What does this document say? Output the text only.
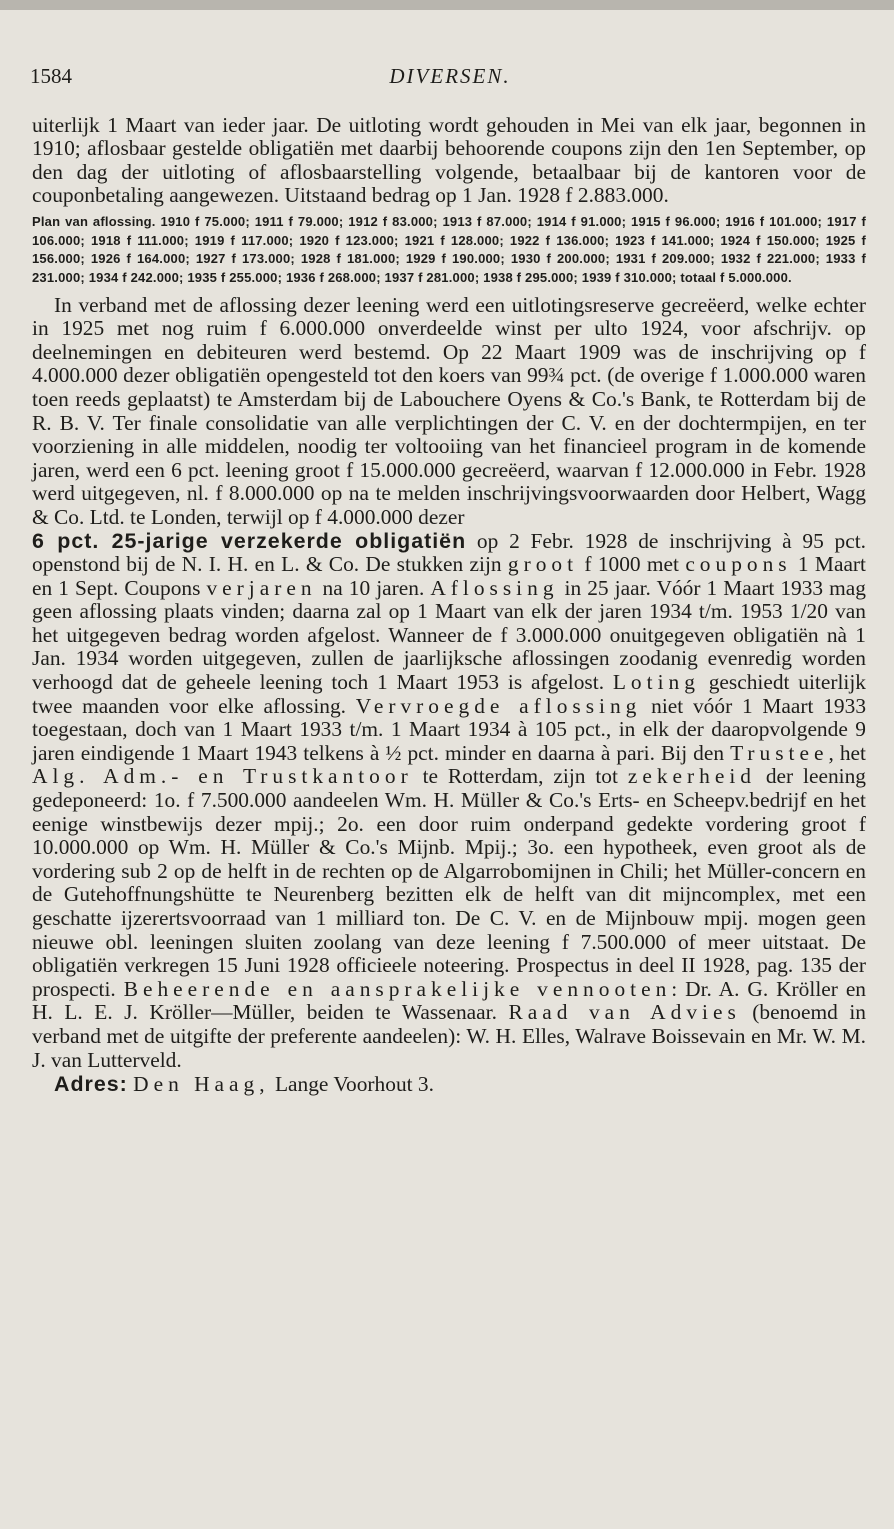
1584	DIVERSEN.

uiterlijk 1 Maart van ieder jaar. De uitloting wordt gehouden in Mei van elk jaar, begonnen in 1910; aflosbaar gestelde obligatiën met daarbij behoorende coupons zijn den 1en September, op den dag der uitloting of aflosbaarstelling volgende, betaalbaar bij de kantoren voor de couponbetaling aangewezen. Uitstaand bedrag op 1 Jan. 1928 f 2.883.000.

Plan van aflossing. 1910 f 75.000; 1911 f 79.000; 1912 f 83.000; 1913 f 87.000; 1914 f 91.000; 1915 f 96.000; 1916 f 101.000; 1917 f 106.000; 1918 f 111.000; 1919 f 117.000; 1920 f 123.000; 1921 f 128.000; 1922 f 136.000; 1923 f 141.000; 1924 f 150.000; 1925 f 156.000; 1926 f 164.000; 1927 f 173.000; 1928 f 181.000; 1929 f 190.000; 1930 f 200.000; 1931 f 209.000; 1932 f 221.000; 1933 f 231.000; 1934 f 242.000; 1935 f 255.000; 1936 f 268.000; 1937 f 281.000; 1938 f 295.000; 1939 f 310.000; totaal f 5.000.000.

In verband met de aflossing dezer leening werd een uitlotingsreserve gecreëerd, welke echter in 1925 met nog ruim f 6.000.000 onverdeelde winst per ulto 1924, voor afschrijv. op deelnemingen en debiteuren werd bestemd. Op 22 Maart 1909 was de inschrijving op f 4.000.000 dezer obligatiën opengesteld tot den koers van 99¾ pct. (de overige f 1.000.000 waren toen reeds geplaatst) te Amsterdam bij de Labouchere Oyens & Co.'s Bank, te Rotterdam bij de R. B. V. Ter finale consolidatie van alle verplichtingen der C. V. en der dochtermpijen, en ter voorziening in alle middelen, noodig ter voltooiing van het financieel program in de komende jaren, werd een 6 pct. leening groot f 15.000.000 gecreëerd, waarvan f 12.000.000 in Febr. 1928 werd uitgegeven, nl. f 8.000.000 op na te melden inschrijvingsvoorwaarden door Helbert, Wagg & Co. Ltd. te Londen, terwijl op f 4.000.000 dezer

6 pct. 25-jarige verzekerde obligatiën op 2 Febr. 1928 de inschrijving à 95 pct. openstond bij de N. I. H. en L. & Co. De stukken zijn groot f 1000 met coupons 1 Maart en 1 Sept. Coupons verjaren na 10 jaren. Aflossing in 25 jaar. Vóór 1 Maart 1933 mag geen aflossing plaats vinden; daarna zal op 1 Maart van elk der jaren 1934 t/m. 1953 1/20 van het uitgegeven bedrag worden afgelost. Wanneer de f 3.000.000 onuitgegeven obligatiën nà 1 Jan. 1934 worden uitgegeven, zullen de jaarlijksche aflossingen zoodanig evenredig worden verhoogd dat de geheele leening toch 1 Maart 1953 is afgelost. Loting geschiedt uiterlijk twee maanden voor elke aflossing. Vervroegde aflossing niet vóór 1 Maart 1933 toegestaan, doch van 1 Maart 1933 t/m. 1 Maart 1934 à 105 pct., in elk der daaropvolgende 9 jaren eindigende 1 Maart 1943 telkens à ½ pct. minder en daarna à pari. Bij den Trustee, het Alg. Adm.- en Trustkantoor te Rotterdam, zijn tot zekerheid der leening gedeponeerd: 1o. f 7.500.000 aandeelen Wm. H. Müller & Co.'s Erts- en Scheepv.bedrijf en het eenige winstbewijs dezer mpij.; 2o. een door ruim onderpand gedekte vordering groot f 10.000.000 op Wm. H. Müller & Co.'s Mijnb. Mpij.; 3o. een hypotheek, even groot als de vordering sub 2 op de helft in de rechten op de Algarrobomijnen in Chili; het Müller-concern en de Gutehoffnungshütte te Neurenberg bezitten elk de helft van dit mijncomplex, met een geschatte ijzerertsvoorraad van 1 milliard ton. De C. V. en de Mijnbouw mpij. mogen geen nieuwe obl. leeningen sluiten zoolang van deze leening f 7.500.000 of meer uitstaat. De obligatiën verkregen 15 Juni 1928 officieele noteering. Prospectus in deel II 1928, pag. 135 der prospecti. Beheerende en aansprakelijke vennooten: Dr. A. G. Kröller en H. L. E. J. Kröller—Müller, beiden te Wassenaar. Raad van Advies (benoemd in verband met de uitgifte der preferente aandeelen): W. H. Elles, Walrave Boissevain en Mr. W. M. J. van Lutterveld.

Adres: Den Haag, Lange Voorhout 3.
